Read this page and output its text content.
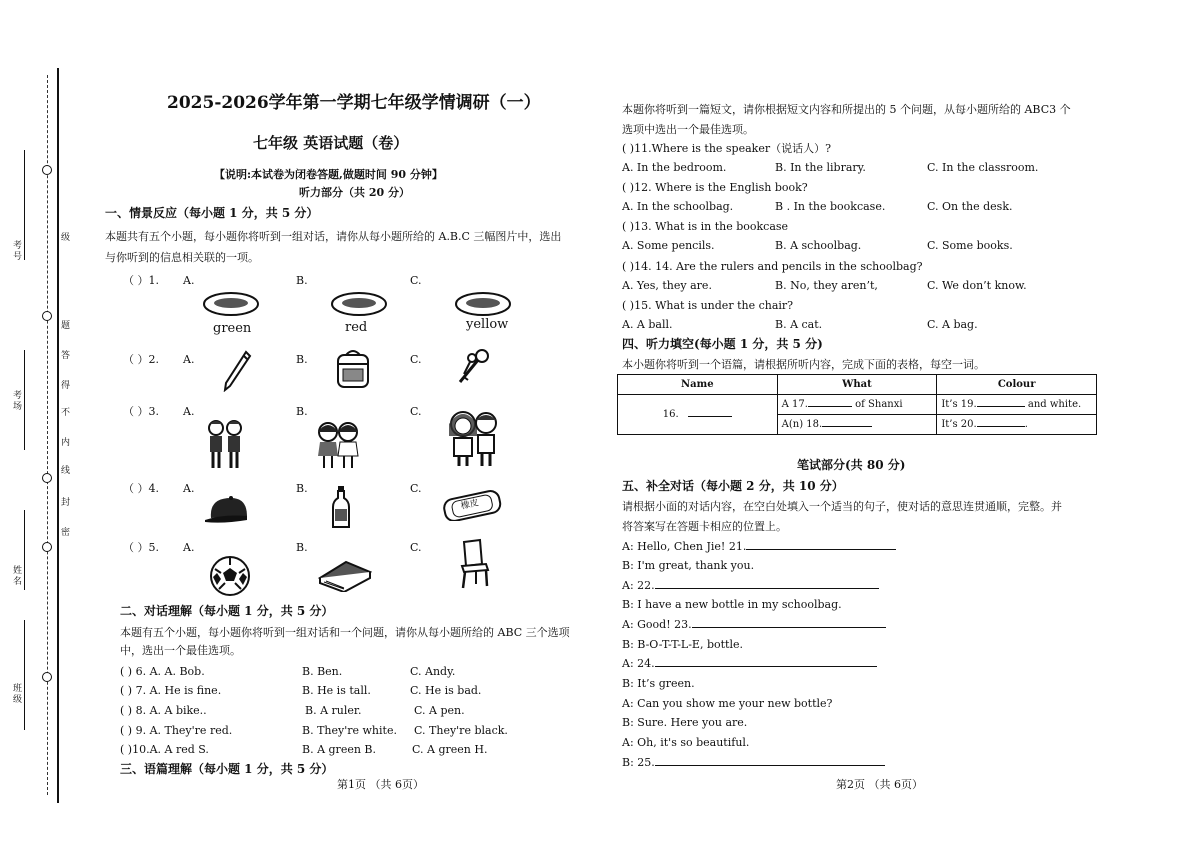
考号
级
考场
题
答
得
不
内
线
封
密
姓名
班级
2025-2026学年第一学期七年级学情调研（一）
七年级 英语试题（卷）
【说明:本试卷为闭卷答题,做题时间 90 分钟】
听力部分（共 20 分）
一、情景反应（每小题 1 分，共 5 分）
本题共有五个小题，每小题你将听到一组对话，请你从每小题所给的 A.B.C 三幅图片中，选出
与你听到的信息相关联的一项。
（ ）1. A.	B.	C.
green	red	yellow
（ ）2. A.	B.	C.
（ ）3. A.	B.	C.
（ ）4. A.	B.	C.
橡皮
（ ）5. A.	B.	C.
二、对话理解（每小题 1 分，共 5 分）
本题有五个小题，每小题你将听到一组对话和一个问题，请你从每小题所给的 ABC 三个选项
中，选出一个最佳选项。
( ) 6. A. A. Bob.	B. Ben.	C. Andy.
( ) 7. A. He is fine.	B. He is tall.	C. He is bad.
( ) 8. A. A bike..	B. A ruler.	C. A pen.
( ) 9. A. They're red.	B. They're white. C. They're black.
( )10.A. A red S.	B. A green B.	C. A green H.
三、语篇理解（每小题 1 分，共 5 分）
第1页 （共 6页）
本题你将听到一篇短文，请你根据短文内容和所提出的 5 个问题，从每小题所给的 ABC3 个
选项中选出一个最佳选项。
( )11.Where is the speaker（说话人）?
A. In the bedroom.	B. In the library.	C. In the classroom.
( )12. Where is the English book?
A. In the schoolbag.	B . In the bookcase.	C. On the desk.
( )13. What is in the bookcase
A. Some pencils.	B. A schoolbag.	C. Some books.
( )14. 14. Are the rulers and pencils in the schoolbag?
A. Yes, they are.	B. No, they aren’t,	C. We don’t know.
( )15. What is under the chair?
A. A ball.	B. A cat.	C. A bag.
四、听力填空(每小题 1 分，共 5 分)
本小题你将听到一个语篇，请根据所听内容，完成下面的表格，每空一词。
Name	What	Colour
16.	A 17. of Shanxi	It’s 19. and white.
	A(n) 18.	It’s 20. .
笔试部分(共 80 分)
五、补全对话（每小题 2 分，共 10 分）
请根据小面的对话内容，在空白处填入一个适当的句子，使对话的意思连贯通顺，完整。并
将答案写在答题卡相应的位置上。
A: Hello, Chen Jie! 21.
B: I'm great, thank you.
A: 22.
B: I have a new bottle in my schoolbag.
A: Good! 23.
B: B-O-T-T-L-E, bottle.
A: 24.
B: It’s green.
A: Can you show me your new bottle?
B: Sure. Here you are.
A: Oh, it's so beautiful.
B: 25.
第2页 （共 6页）
